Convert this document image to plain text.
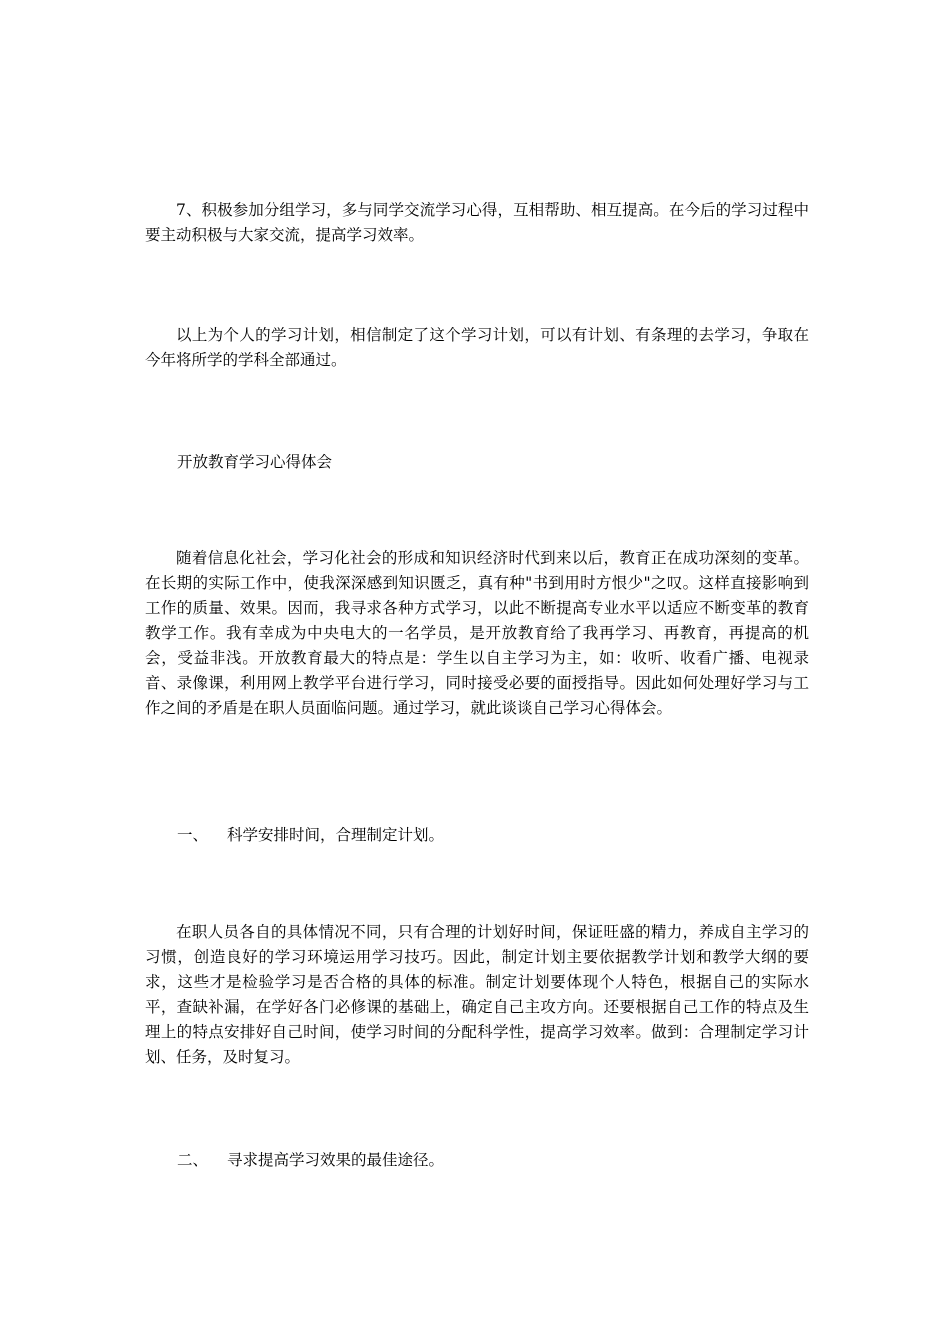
7、积极参加分组学习，多与同学交流学习心得，互相帮助、相互提高。在今后的学习过程中要主动积极与大家交流，提高学习效率。

以上为个人的学习计划，相信制定了这个学习计划，可以有计划、有条理的去学习，争取在今年将所学的学科全部通过。

开放教育学习心得体会

随着信息化社会，学习化社会的形成和知识经济时代到来以后，教育正在成功深刻的变革。在长期的实际工作中，使我深深感到知识匮乏，真有种"书到用时方恨少"之叹。这样直接影响到工作的质量、效果。因而，我寻求各种方式学习，以此不断提高专业水平以适应不断变革的教育教学工作。我有幸成为中央电大的一名学员，是开放教育给了我再学习、再教育，再提高的机会，受益非浅。开放教育最大的特点是：学生以自主学习为主，如：收听、收看广播、电视录音、录像课，利用网上教学平台进行学习，同时接受必要的面授指导。因此如何处理好学习与工作之间的矛盾是在职人员面临问题。通过学习，就此谈谈自己学习心得体会。

一、 科学安排时间，合理制定计划。

在职人员各自的具体情况不同，只有合理的计划好时间，保证旺盛的精力，养成自主学习的习惯，创造良好的学习环境运用学习技巧。因此，制定计划主要依据教学计划和教学大纲的要求，这些才是检验学习是否合格的具体的标准。制定计划要体现个人特色，根据自己的实际水平，查缺补漏，在学好各门必修课的基础上，确定自己主攻方向。还要根据自己工作的特点及生理上的特点安排好自己时间，使学习时间的分配科学性，提高学习效率。做到：合理制定学习计划、任务，及时复习。

二、 寻求提高学习效果的最佳途径。
